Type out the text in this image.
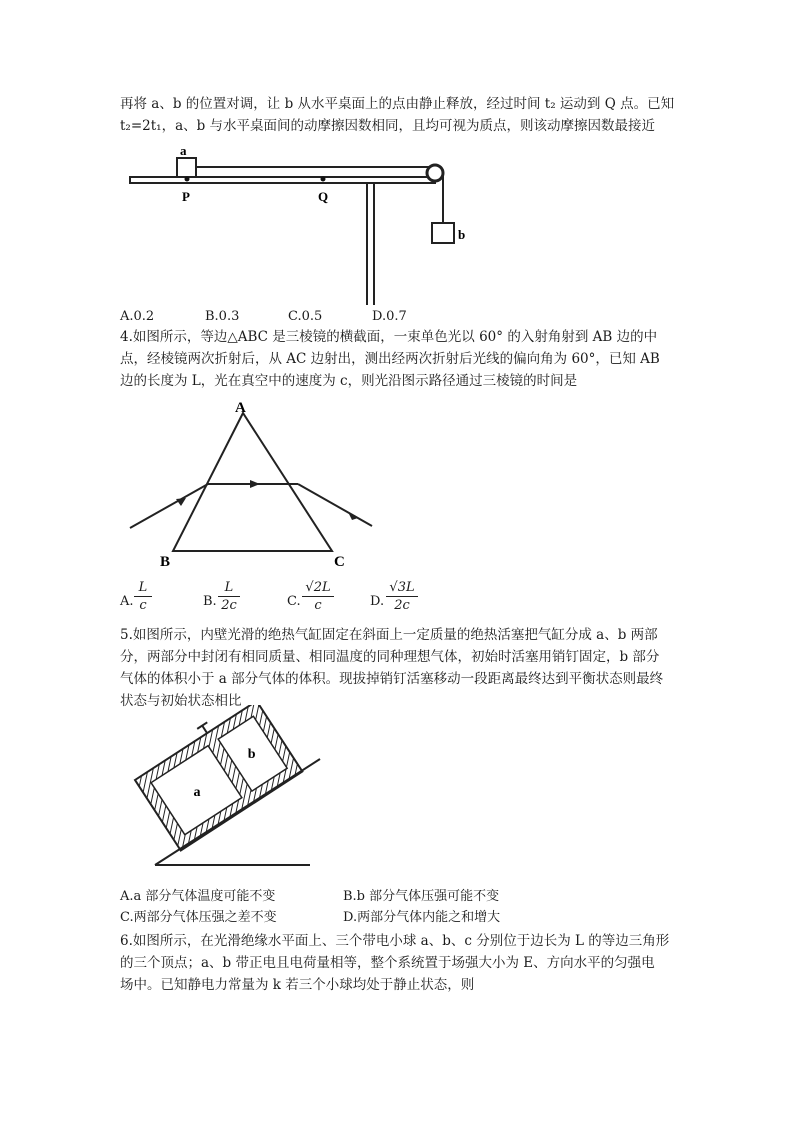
再将 a、b 的位置对调，让 b 从水平桌面上的点由静止释放，经过时间 t₂ 运动到 Q 点。已知
t₂=2t₁，a、b 与水平桌面间的动摩擦因数相同，且均可视为质点，则该动摩擦因数最接近
a
P	Q
b
A.0.2	B.0.3	C.0.5	D.0.7
4.如图所示，等边△ABC 是三棱镜的横截面，一束单色光以 60° 的入射角射到 AB 边的中
点，经棱镜两次折射后，从 AC 边射出，测出经两次折射后光线的偏向角为 60°，已知 AB
边的长度为 L，光在真空中的速度为 c，则光沿图示路径通过三棱镜的时间是
A
B	C
A.
L
c	B.
L
2c	C.
√2L
c	D.
√3L
2c
5.如图所示，内壁光滑的绝热气缸固定在斜面上一定质量的绝热活塞把气缸分成 a、b 两部
分，两部分中封闭有相同质量、相同温度的同种理想气体，初始时活塞用销钉固定，b 部分
气体的体积小于 a 部分气体的体积。现拔掉销钉活塞移动一段距离最终达到平衡状态则最终
状态与初始状态相比
a
b
A.a 部分气体温度可能不变	B.b 部分气体压强可能不变
C.两部分气体压强之差不变	D.两部分气体内能之和增大
6.如图所示，在光滑绝缘水平面上、三个带电小球 a、b、c 分别位于边长为 L 的等边三角形
的三个顶点；a、b 带正电且电荷量相等，整个系统置于场强大小为 E、方向水平的匀强电
场中。已知静电力常量为 k 若三个小球均处于静止状态，则
